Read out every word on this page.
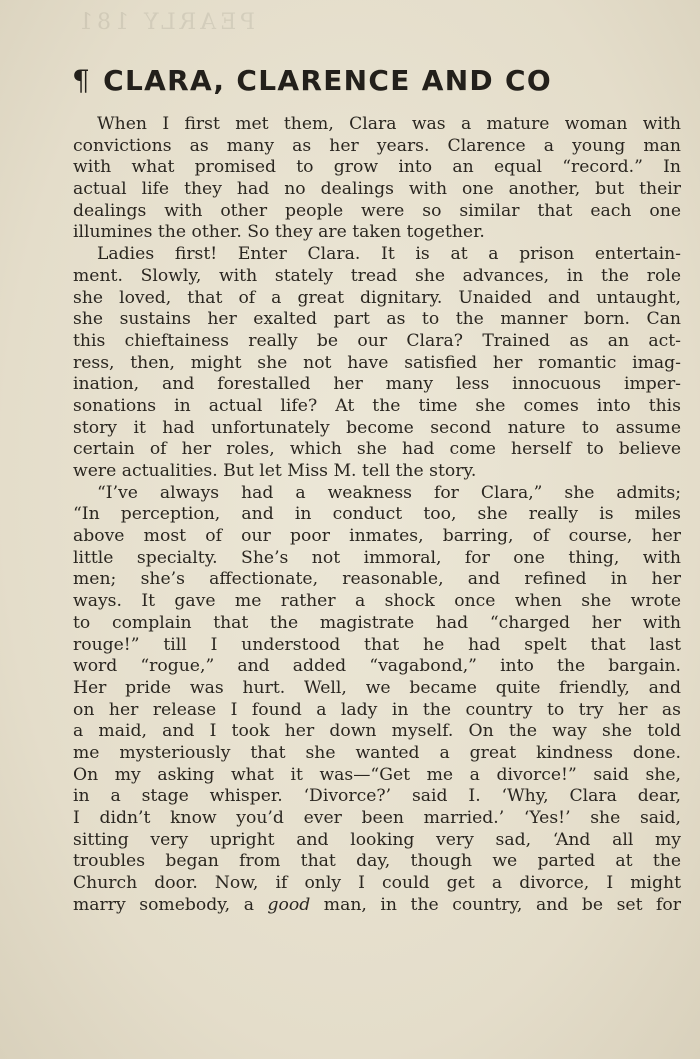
PEARLY 181
¶ CLARA, CLARENCE AND CO
When I first met them, Clara was a mature woman with
convictions as many as her years. Clarence a young man
with what promised to grow into an equal “record.” In
actual life they had no dealings with one another, but their
dealings with other people were so similar that each one
illumines the other. So they are taken together.
Ladies first! Enter Clara. It is at a prison entertain-
ment. Slowly, with stately tread she advances, in the role
she loved, that of a great dignitary. Unaided and untaught,
she sustains her exalted part as to the manner born. Can
this chieftainess really be our Clara? Trained as an act-
ress, then, might she not have satisfied her romantic imag-
ination, and forestalled her many less innocuous imper-
sonations in actual life? At the time she comes into this
story it had unfortunately become second nature to assume
certain of her roles, which she had come herself to believe
were actualities. But let Miss M. tell the story.
“I’ve always had a weakness for Clara,” she admits;
“In perception, and in conduct too, she really is miles
above most of our poor inmates, barring, of course, her
little specialty. She’s not immoral, for one thing, with
men; she’s affectionate, reasonable, and refined in her
ways. It gave me rather a shock once when she wrote
to complain that the magistrate had “charged her with
rouge!” till I understood that he had spelt that last
word “rogue,” and added “vagabond,” into the bargain.
Her pride was hurt. Well, we became quite friendly, and
on her release I found a lady in the country to try her as
a maid, and I took her down myself. On the way she told
me mysteriously that she wanted a great kindness done.
On my asking what it was—“Get me a divorce!” said she,
in a stage whisper. ‘Divorce?’ said I. ‘Why, Clara dear,
I didn’t know you’d ever been married.’ ‘Yes!’ she said,
sitting very upright and looking very sad, ‘And all my
troubles began from that day, though we parted at the
Church door. Now, if only I could get a divorce, I might
marry somebody, a good man, in the country, and be set for
